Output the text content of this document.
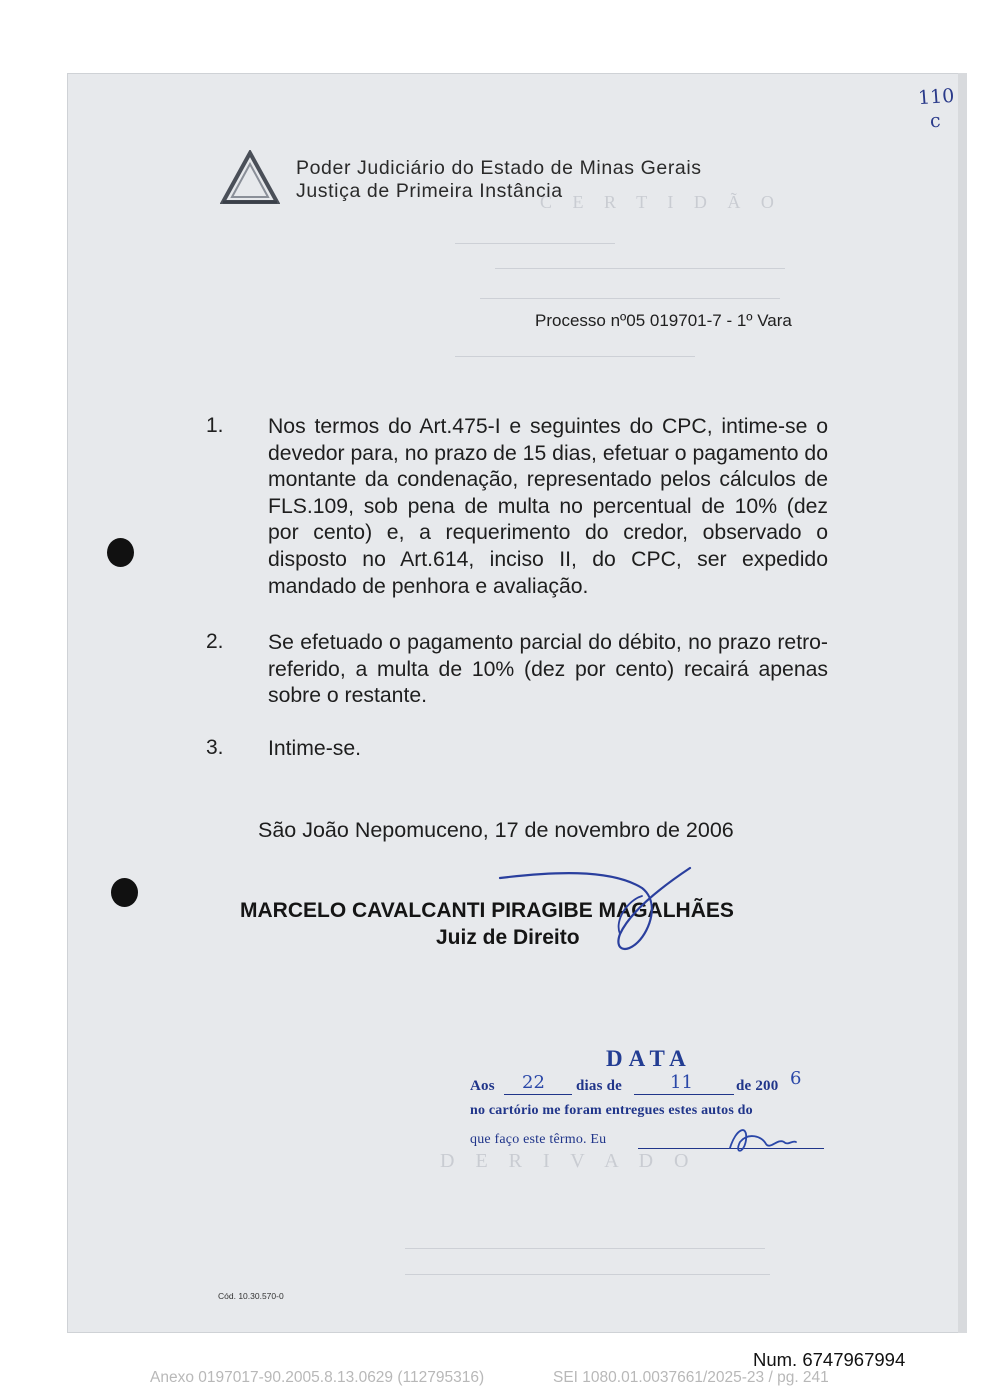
C E R T I D Ã O
D E R I V A D O
110
c
Poder Judiciário do Estado de Minas Gerais
Justiça de Primeira Instância
Processo nº05 019701-7 - 1º Vara
1. Nos termos do Art.475-I e seguintes do CPC, intime-se o devedor para, no prazo de 15 dias, efetuar o pagamento do montante da condenação, representado pelos cálculos de FLS.109, sob pena de multa no percentual de 10% (dez por cento) e, a requerimento do credor, observado o disposto no Art.614, inciso II, do CPC, ser expedido mandado de penhora e avaliação.
2. Se efetuado o pagamento parcial do débito, no prazo retro-referido, a multa de 10% (dez por cento) recairá apenas sobre o restante.
3. Intime-se.
São João Nepomuceno, 17 de novembro de 2006
MARCELO CAVALCANTI PIRAGIBE MAGALHÃES
Juiz de Direito
DATA
Aos 22 dias de	11	de 200 6
no cartório me foram entregues estes autos do
que faço este têrmo. Eu
Cód. 10.30.570-0
Num. 6747967994
Anexo 0197017-90.2005.8.13.0629 (112795316)	SEI 1080.01.0037661/2025-23 / pg. 241
